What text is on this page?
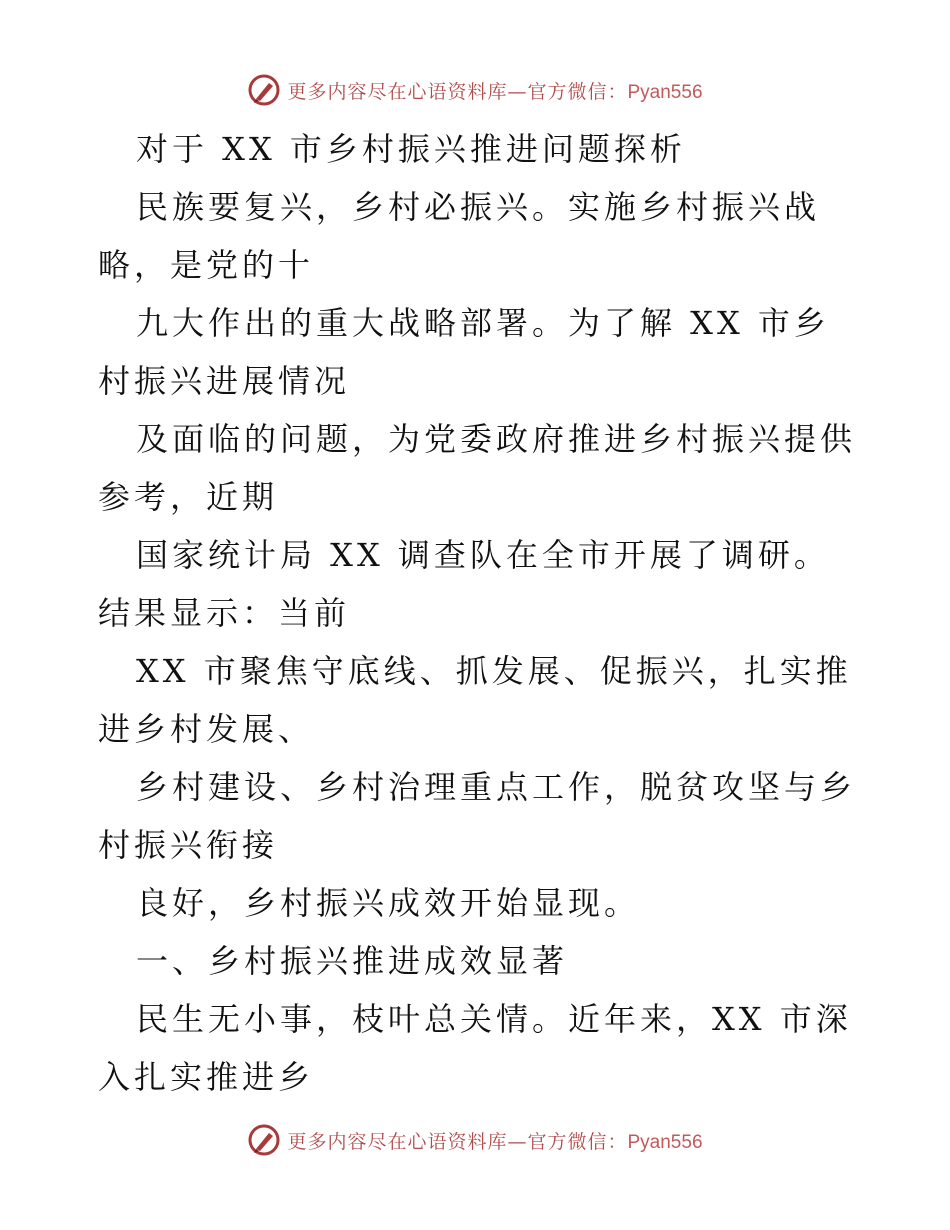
更多内容尽在心语资料库—官方微信：Pyan556

对于 XX 市乡村振兴推进问题探析

民族要复兴，乡村必振兴。实施乡村振兴战略，是党的十

九大作出的重大战略部署。为了解 XX 市乡村振兴进展情况

及面临的问题，为党委政府推进乡村振兴提供参考，近期

国家统计局 XX 调查队在全市开展了调研。结果显示：当前

XX 市聚焦守底线、抓发展、促振兴，扎实推进乡村发展、

乡村建设、乡村治理重点工作，脱贫攻坚与乡村振兴衔接

良好，乡村振兴成效开始显现。

一、乡村振兴推进成效显著

民生无小事，枝叶总关情。近年来，XX 市深入扎实推进乡

更多内容尽在心语资料库—官方微信：Pyan556
